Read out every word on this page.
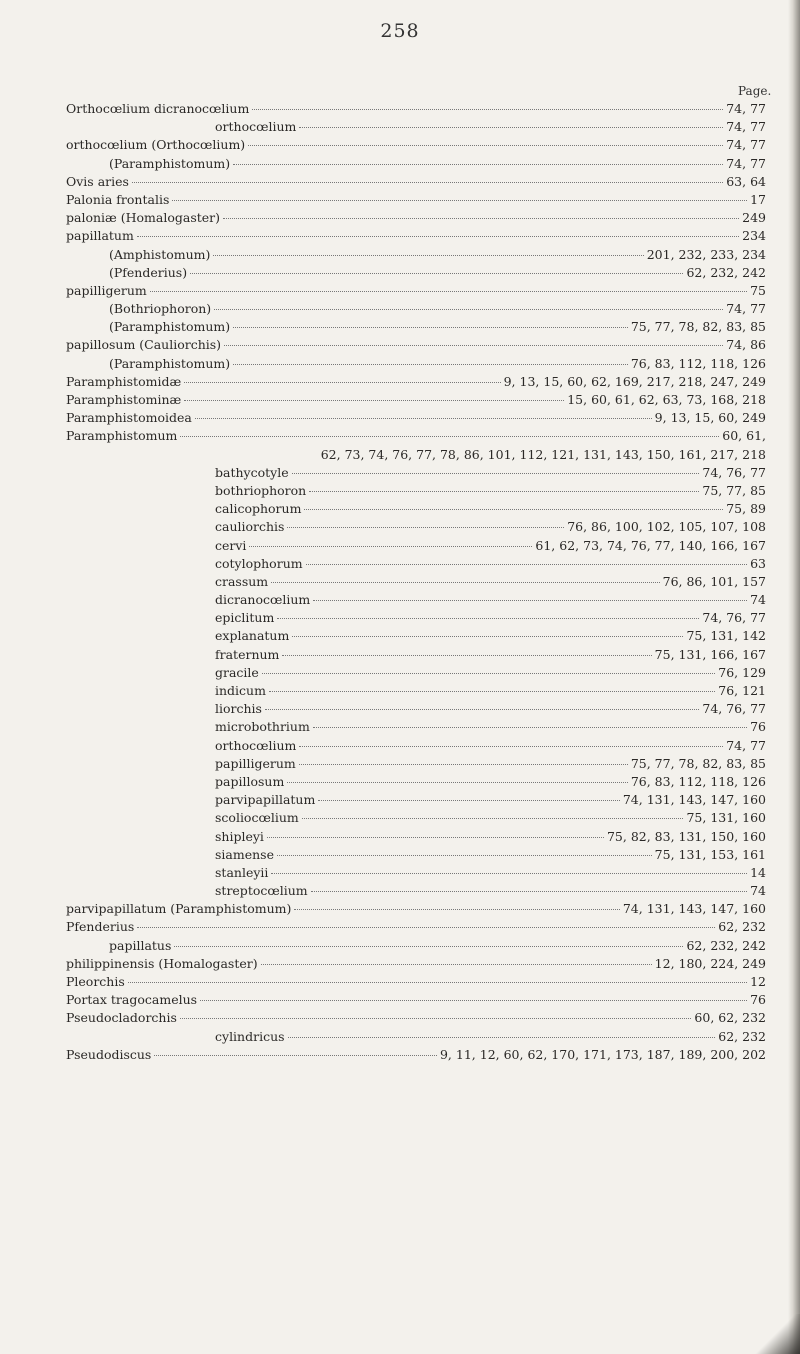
258
Page.
Orthocœlium dicranocœlium	74, 77
orthocœlium	74, 77
orthocœlium (Orthocœlium)	74, 77
(Paramphistomum)	74, 77
Ovis aries	63, 64
Palonia frontalis	17
paloniæ (Homalogaster)	249
papillatum	234
(Amphistomum)	201, 232, 233, 234
(Pfenderius)	62, 232, 242
papilligerum	75
(Bothriophoron)	74, 77
(Paramphistomum)	75, 77, 78, 82, 83, 85
papillosum (Cauliorchis)	74, 86
(Paramphistomum)	76, 83, 112, 118, 126
Paramphistomidæ	9, 13, 15, 60, 62, 169, 217, 218, 247, 249
Paramphistominæ	15, 60, 61, 62, 63, 73, 168, 218
Paramphistomoidea	9, 13, 15, 60, 249
Paramphistomum	60, 61,
62, 73, 74, 76, 77, 78, 86, 101, 112, 121, 131, 143, 150, 161, 217, 218
bathycotyle	74, 76, 77
bothriophoron	75, 77, 85
calicophorum	75, 89
cauliorchis	76, 86, 100, 102, 105, 107, 108
cervi	61, 62, 73, 74, 76, 77, 140, 166, 167
cotylophorum	63
crassum	76, 86, 101, 157
dicranocœlium	74
epiclitum	74, 76, 77
explanatum	75, 131, 142
fraternum	75, 131, 166, 167
gracile	76, 129
indicum	76, 121
liorchis	74, 76, 77
microbothrium	76
orthocœlium	74, 77
papilligerum	75, 77, 78, 82, 83, 85
papillosum	76, 83, 112, 118, 126
parvipapillatum	74, 131, 143, 147, 160
scoliocœlium	75, 131, 160
shipleyi	75, 82, 83, 131, 150, 160
siamense	75, 131, 153, 161
stanleyii	14
streptocœlium	74
parvipapillatum (Paramphistomum)	74, 131, 143, 147, 160
Pfenderius	62, 232
papillatus	62, 232, 242
philippinensis (Homalogaster)	12, 180, 224, 249
Pleorchis	12
Portax tragocamelus	76
Pseudocladorchis	60, 62, 232
cylindricus	62, 232
Pseudodiscus	9, 11, 12, 60, 62, 170, 171, 173, 187, 189, 200, 202
